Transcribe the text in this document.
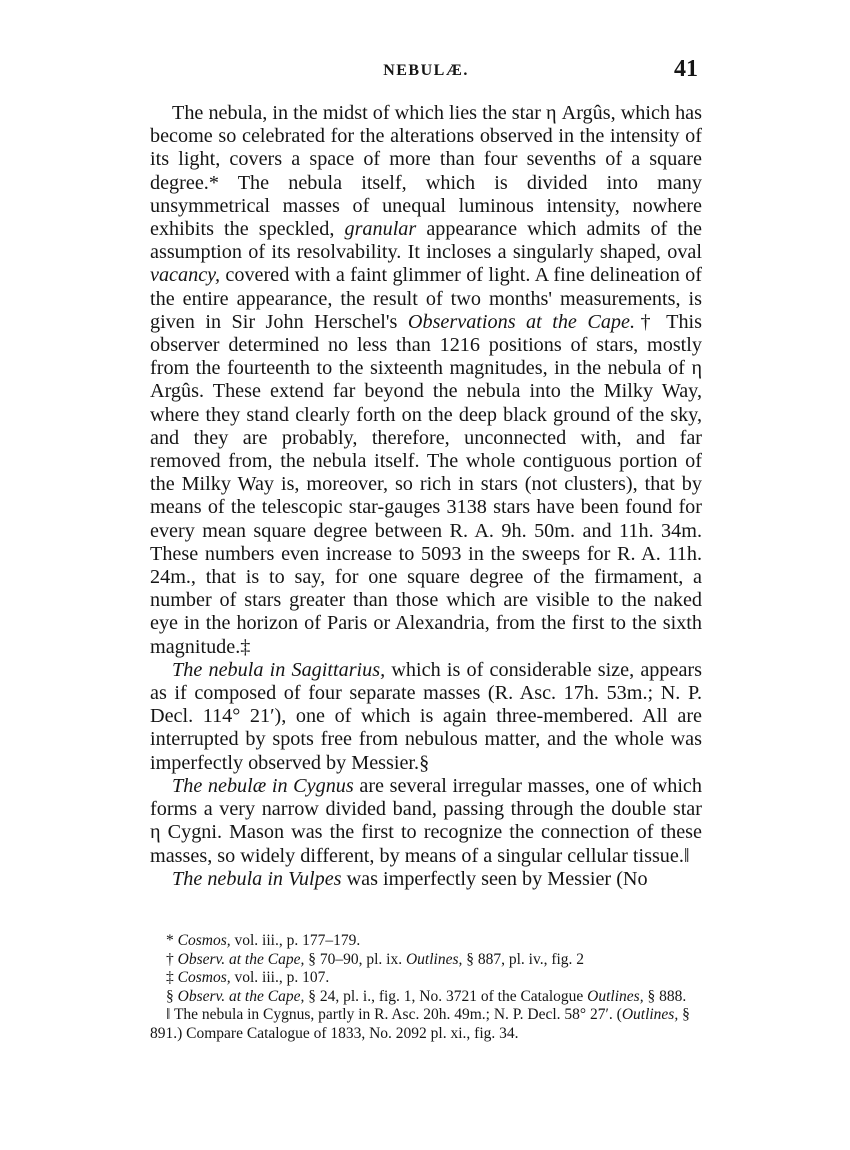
NEBULÆ.	41

The nebula, in the midst of which lies the star η Argûs, which has become so celebrated for the alterations observed in the intensity of its light, covers a space of more than four sevenths of a square degree.* The nebula itself, which is divided into many unsymmetrical masses of unequal luminous intensity, nowhere exhibits the speckled, granular appearance which admits of the assumption of its resolvability. It incloses a singularly shaped, oval vacancy, covered with a faint glimmer of light. A fine delineation of the entire appearance, the result of two months' measurements, is given in Sir John Herschel's Observations at the Cape.† This observer determined no less than 1216 positions of stars, mostly from the fourteenth to the sixteenth magnitudes, in the nebula of η Argûs. These extend far beyond the nebula into the Milky Way, where they stand clearly forth on the deep black ground of the sky, and they are probably, therefore, unconnected with, and far removed from, the nebula itself. The whole contiguous portion of the Milky Way is, moreover, so rich in stars (not clusters), that by means of the telescopic star-gauges 3138 stars have been found for every mean square degree between R. A. 9h. 50m. and 11h. 34m. These numbers even increase to 5093 in the sweeps for R. A. 11h. 24m., that is to say, for one square degree of the firmament, a number of stars greater than those which are visible to the naked eye in the horizon of Paris or Alexandria, from the first to the sixth magnitude.‡

The nebula in Sagittarius, which is of considerable size, appears as if composed of four separate masses (R. Asc. 17h. 53m.; N. P. Decl. 114° 21′), one of which is again three-membered. All are interrupted by spots free from nebulous matter, and the whole was imperfectly observed by Messier.§

The nebulæ in Cygnus are several irregular masses, one of which forms a very narrow divided band, passing through the double star η Cygni. Mason was the first to recognize the connection of these masses, so widely different, by means of a singular cellular tissue.‖

The nebula in Vulpes was imperfectly seen by Messier (No

* Cosmos, vol. iii., p. 177–179.

† Observ. at the Cape, § 70–90, pl. ix. Outlines, § 887, pl. iv., fig. 2

‡ Cosmos, vol. iii., p. 107.

§ Observ. at the Cape, § 24, pl. i., fig. 1, No. 3721 of the Catalogue Outlines, § 888.

‖ The nebula in Cygnus, partly in R. Asc. 20h. 49m.; N. P. Decl. 58° 27′. (Outlines, § 891.) Compare Catalogue of 1833, No. 2092 pl. xi., fig. 34.
